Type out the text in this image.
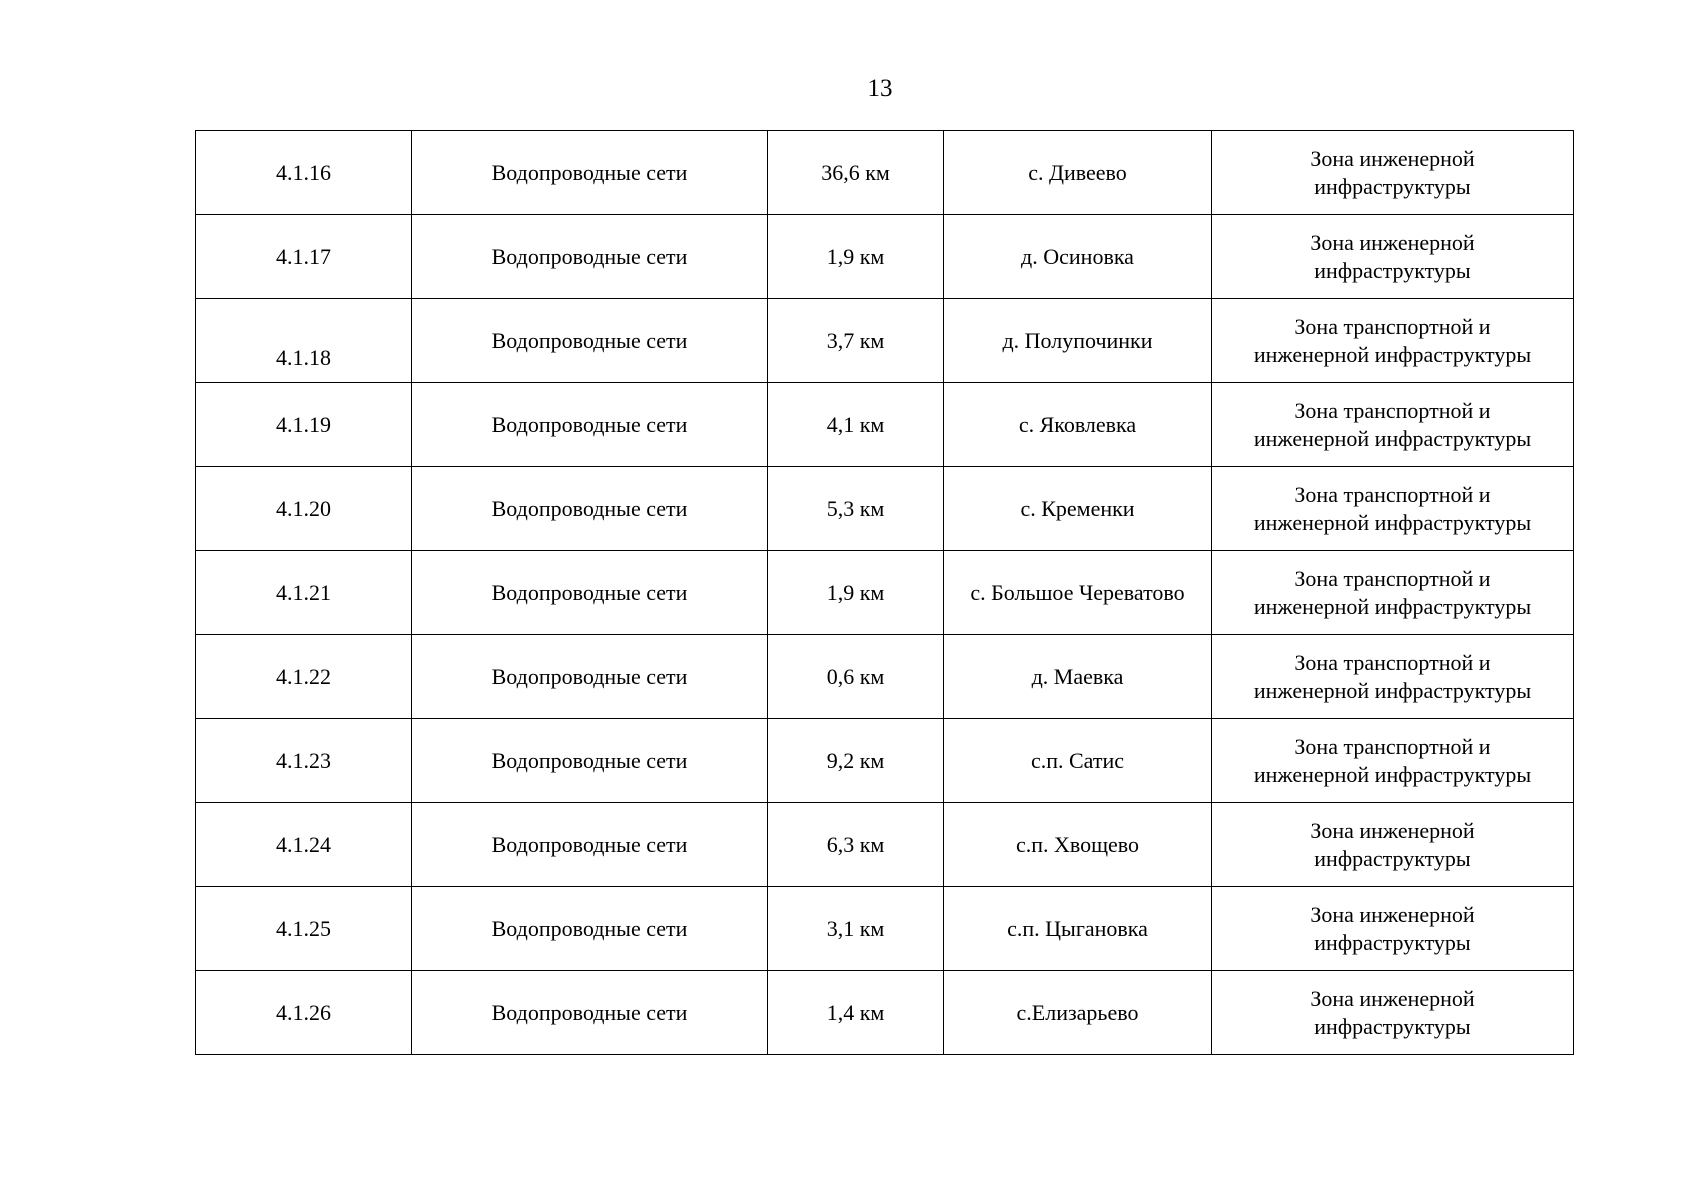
13
4.1.16	Водопроводные сети	36,6 км	с. Дивеево	Зона инженерной
инфраструктуры

4.1.17	Водопроводные сети	1,9 км	д. Осиновка	Зона инженерной
инфраструктуры

4.1.18	Водопроводные сети	3,7 км	д. Полупочинки	Зона транспортной и
инженерной инфраструктуры

4.1.19	Водопроводные сети	4,1 км	с. Яковлевка	Зона транспортной и
инженерной инфраструктуры

4.1.20	Водопроводные сети	5,3 км	с. Кременки	Зона транспортной и
инженерной инфраструктуры

4.1.21	Водопроводные сети	1,9 км	с. Большое Череватово	Зона транспортной и
инженерной инфраструктуры

4.1.22	Водопроводные сети	0,6 км	д. Маевка	Зона транспортной и
инженерной инфраструктуры

4.1.23	Водопроводные сети	9,2 км	с.п. Сатис	Зона транспортной и
инженерной инфраструктуры

4.1.24	Водопроводные сети	6,3 км	с.п. Хвощево	Зона инженерной
инфраструктуры

4.1.25	Водопроводные сети	3,1 км	с.п. Цыгановка	Зона инженерной
инфраструктуры

4.1.26	Водопроводные сети	1,4 км	с.Елизарьево	Зона инженерной
инфраструктуры
